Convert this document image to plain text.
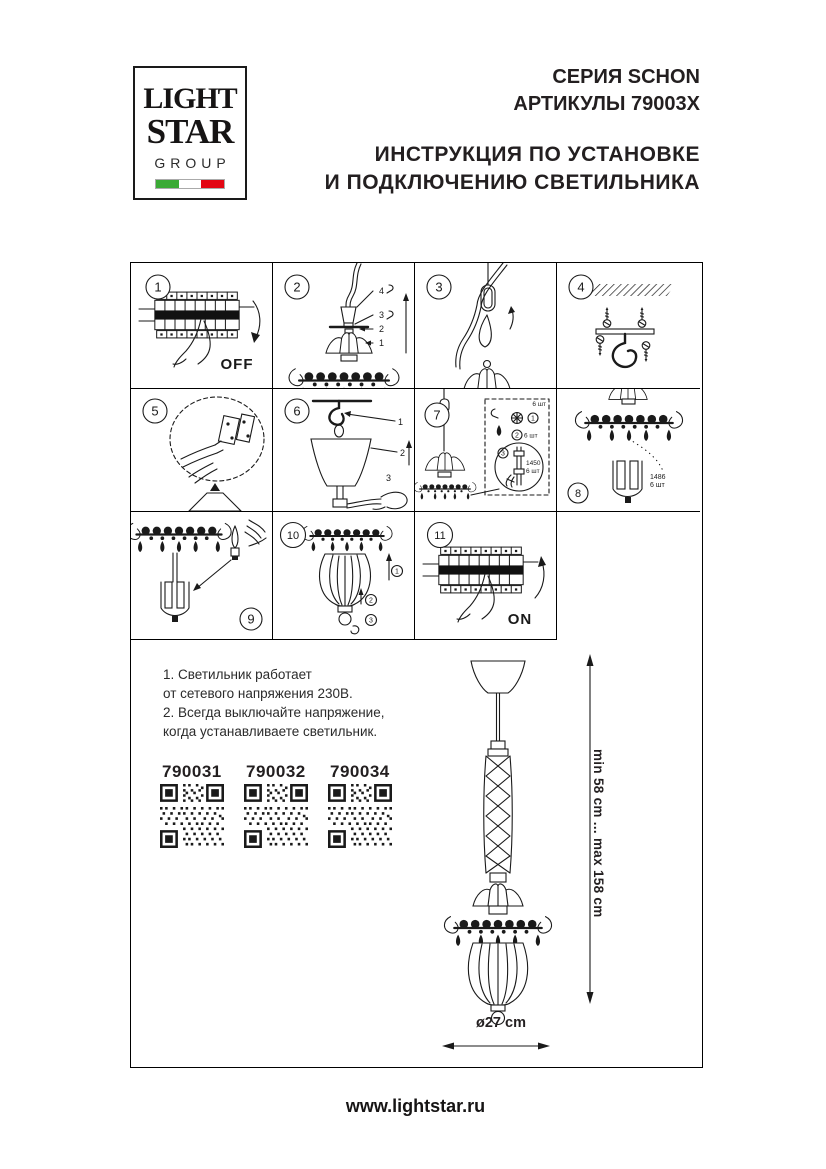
LIGHT
STAR
GROUP
СЕРИЯ SCHON
АРТИКУЛЫ 79003X
ИНСТРУКЦИЯ ПО УСТАНОВКЕ
И ПОДКЛЮЧЕНИЮ СВЕТИЛЬНИКА
OFF
1	4
3
2
1
2	3	4
5
1
2
3
6	6 шт
1
2 6 шт
3
1450
6 шт
7
1486
6 шт
8
9
1
2
3
10
ON
11
1. Светильник работает
от сетевого напряжения 230В.
2. Всегда выключайте напряжение,
когда устанавливаете светильник.
790031 790032 790034	min 58 cm ... max 158 cm
ø27 cm
www.lightstar.ru
